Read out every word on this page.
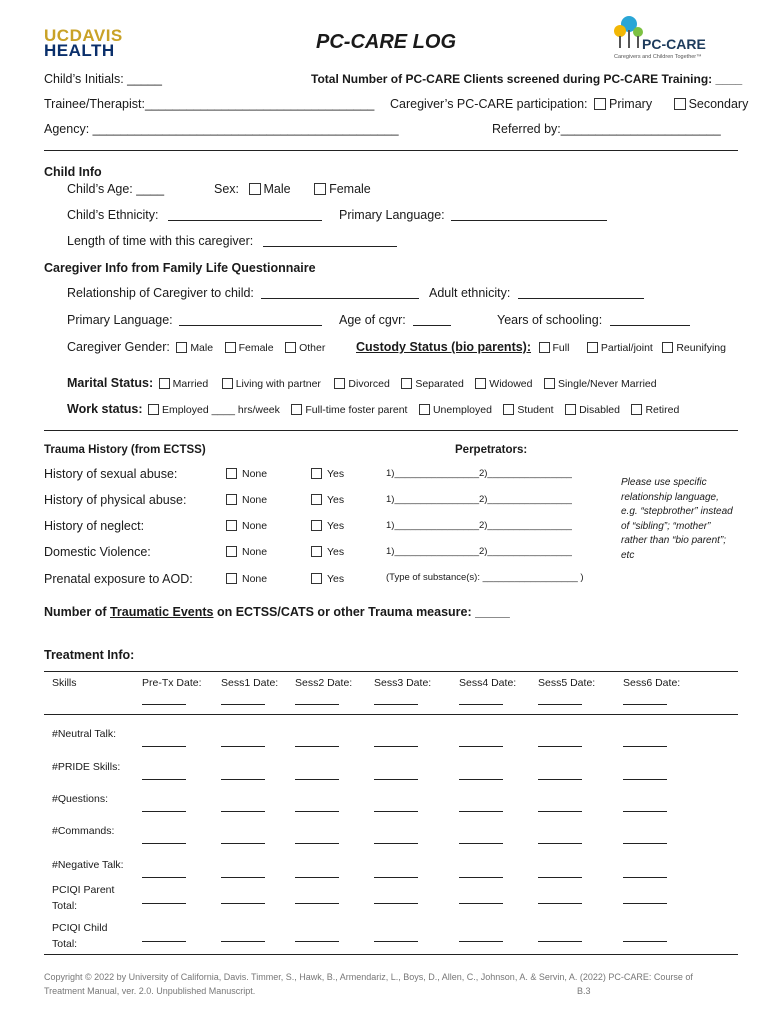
UCDAVIS
HEALTH	PC-CARE LOG	PC-CARE
Caregivers and Children Together™
Child’s Initials: _____	Total Number of PC-CARE Clients screened during PC-CARE Training: ____
Trainee/Therapist:_________________________________ Caregiver’s PC-CARE participation: Primary	Secondary
Agency: ____________________________________________	Referred by:_______________________
Child Info
Child’s Age: ____	Sex: Male	Female
Child’s Ethnicity:	Primary Language:
Length of time with this caregiver:
Caregiver Info from Family Life Questionnaire
Relationship of Caregiver to child:	Adult ethnicity:
Primary Language:	Age of cgvr:	Years of schooling:
Caregiver Gender: Male Female Other Custody Status (bio parents): Full	Partial/joint Reunifying
Marital Status: Married	Living with partner	Divorced Separated Widowed Single/Never Married
Work status: Employed ____ hrs/week Full-time foster parent Unemployed Student Disabled Retired
Trauma History (from ECTSS)	Perpetrators:
History of sexual abuse:	None	Yes	1)________________2)________________
History of physical abuse:	None	Yes	1)________________2)________________
History of neglect:	None	Yes	1)________________2)________________
Domestic Violence:	None	Yes	1)________________2)________________
Prenatal exposure to AOD:	None	Yes	(Type of substance(s): __________________ )
Please use specific relationship language, e.g. “stepbrother” instead of “sibling”; “mother” rather than “bio parent”; etc
Number of Traumatic Events on ECTSS/CATS or other Trauma measure: _____
Treatment Info:
Skills	Pre-Tx Date: Sess1 Date: Sess2 Date: Sess3 Date:	Sess4 Date: Sess5 Date:	Sess6 Date:
#Neutral Talk:
#PRIDE Skills:
#Questions:
#Commands:
#Negative Talk:
PCIQI Parent
Total:
PCIQI Child
Total:
Copyright © 2022 by University of California, Davis. Timmer, S., Hawk, B., Armendariz, L., Boys, D., Allen, C., Johnson, A. & Servin, A. (2022) PC-CARE: Course of Treatment Manual, ver. 2.0. Unpublished Manuscript.	B.3
